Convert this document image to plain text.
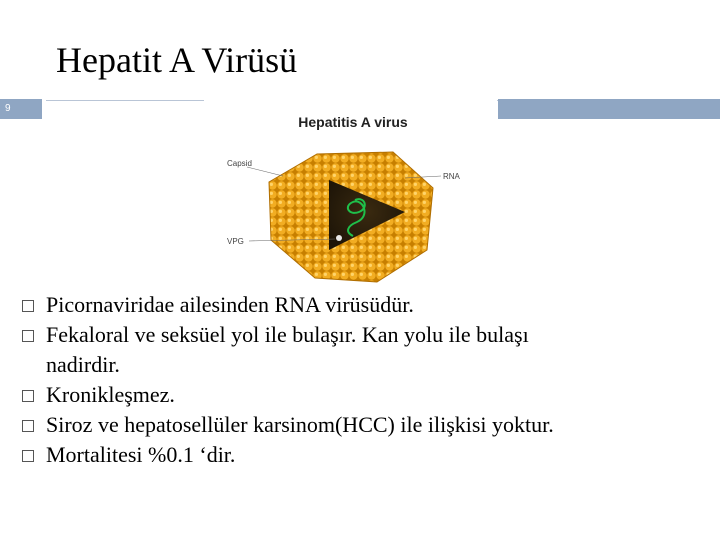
Hepatit A Virüsü
9
Hepatitis A virus
Capsid
RNA
VPG
Picornaviridae ailesinden RNA virüsüdür.
Fekaloral ve seksüel yol ile bulaşır. Kan yolu ile bulaşı
nadirdir.
Kronikleşmez.
Siroz ve hepatosellüler karsinom(HCC) ile ilişkisi yoktur.
Mortalitesi %0.1 ‘dir.
